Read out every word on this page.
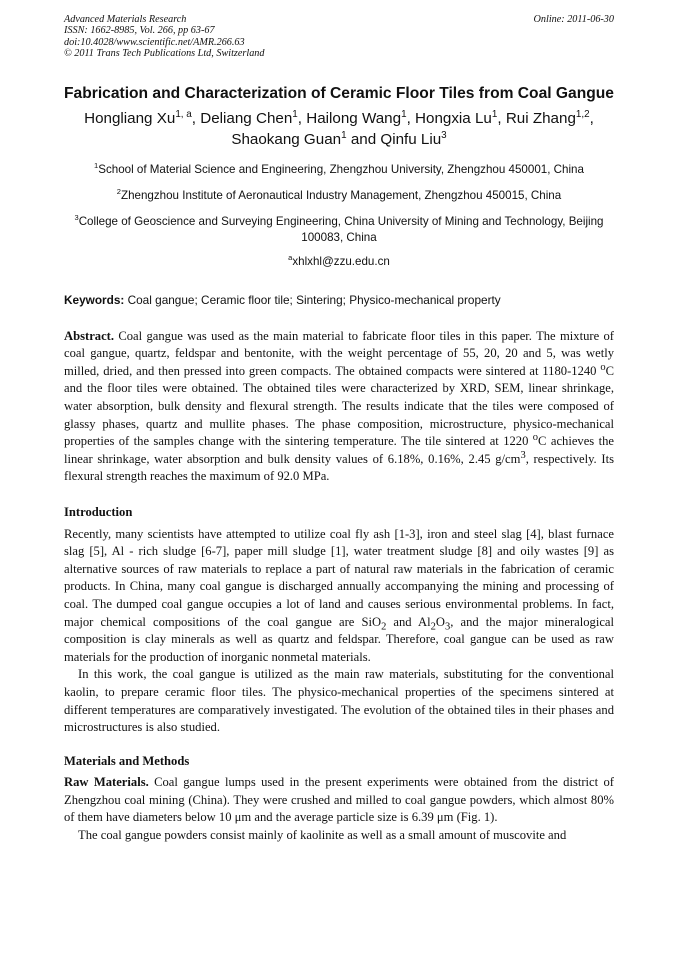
Advanced Materials Research
ISSN: 1662-8985, Vol. 266, pp 63-67
doi:10.4028/www.scientific.net/AMR.266.63
© 2011 Trans Tech Publications Ltd, Switzerland
Online: 2011-06-30
Fabrication and Characterization of Ceramic Floor Tiles from Coal Gangue
Hongliang Xu$^{1, a}$, Deliang Chen$^1$, Hailong Wang$^1$, Hongxia Lu$^1$, Rui Zhang$^{1,2}$,
Shaokang Guan$^1$ and Qinfu Liu$^3$
$^1$School of Material Science and Engineering, Zhengzhou University, Zhengzhou 450001, China
$^2$Zhengzhou Institute of Aeronautical Industry Management, Zhengzhou 450015, China
$^3$College of Geoscience and Surveying Engineering, China University of Mining and Technology, Beijing 100083, China
$^a$xhlxhl@zzu.edu.cn
Keywords: Coal gangue; Ceramic floor tile; Sintering; Physico-mechanical property

Abstract. Coal gangue was used as the main material to fabricate floor tiles in this paper. The mixture of coal gangue, quartz, feldspar and bentonite, with the weight percentage of 55, 20, 20 and 5, was wetly milled, dried, and then pressed into green compacts. The obtained compacts were sintered at 1180-1240 $^o$C and the floor tiles were obtained. The obtained tiles were characterized by XRD, SEM, linear shrinkage, water absorption, bulk density and flexural strength. The results indicate that the tiles were composed of glassy phases, quartz and mullite phases. The phase composition, microstructure, physico-mechanical properties of the samples change with the sintering temperature. The tile sintered at 1220 $^o$C achieves the linear shrinkage, water absorption and bulk density values of 6.18%, 0.16%, 2.45 $g/cm^3$, respectively. Its flexural strength reaches the maximum of 92.0 MPa.

Introduction

Recently, many scientists have attempted to utilize coal fly ash [1-3], iron and steel slag [4], blast furnace slag [5], Al - rich sludge [6-7], paper mill sludge [1], water treatment sludge [8] and oily wastes [9] as alternative sources of raw materials to replace a part of natural raw materials in the fabrication of ceramic products. In China, many coal gangue is discharged annually accompanying the mining and processing of coal. The dumped coal gangue occupies a lot of land and causes serious environmental problems. In fact, major chemical compositions of the coal gangue are SiO$_2$ and $Al_2O_3$, and the major mineralogical composition is clay minerals as well as quartz and feldspar. Therefore, coal gangue can be used as raw materials for the production of inorganic nonmetal materials.

In this work, the coal gangue is utilized as the main raw materials, substituting for the conventional kaolin, to prepare ceramic floor tiles. The physico-mechanical properties of the specimens sintered at different temperatures are comparatively investigated. The evolution of the obtained tiles in their phases and microstructures is also studied.

Materials and Methods

Raw Materials. Coal gangue lumps used in the present experiments were obtained from the district of Zhengzhou coal mining (China). They were crushed and milled to coal gangue powders, which almost 80% of them have diameters below 10 μm and the average particle size is 6.39 μm (Fig. 1).

The coal gangue powders consist mainly of kaolinite as well as a small amount of muscovite and
